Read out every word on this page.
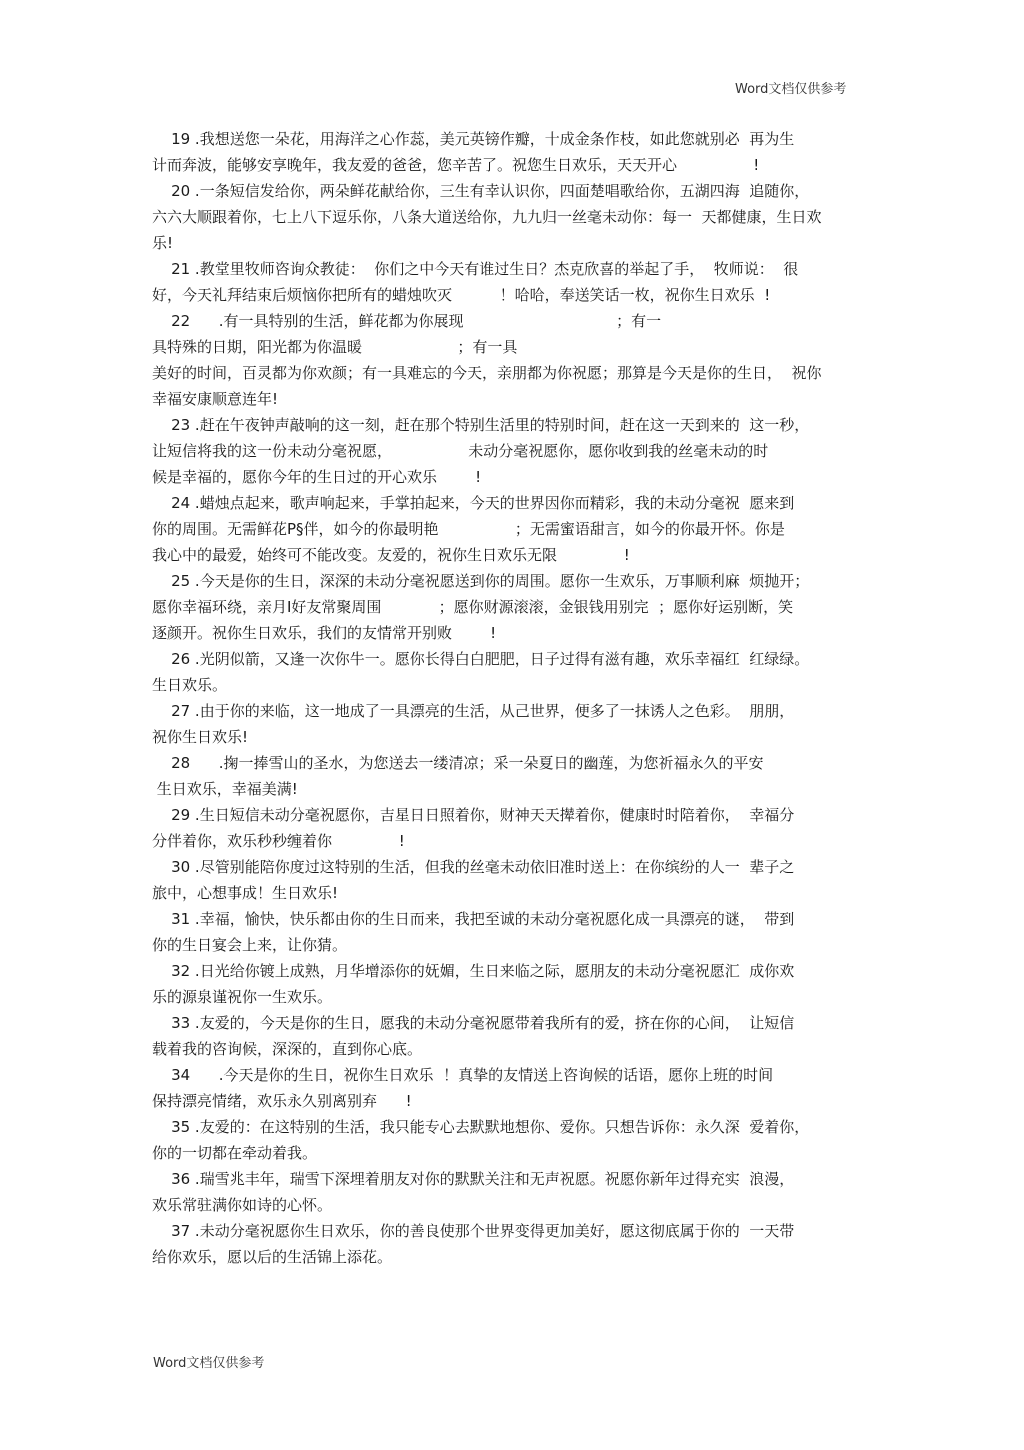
Word文档仅供参考
19 .我想送您一朵花，用海洋之心作蕊，美元英镑作瓣，十成金条作枝，如此您就别必  再为生
计而奔波，能够安享晚年，我友爱的爸爸，您辛苦了。祝您生日欢乐，天天开心                !
20 .一条短信发给你，两朵鲜花献给你，三生有幸认识你，四面楚唱歌给你，五湖四海  追随你，
六六大顺跟着你，七上八下逗乐你，八条大道送给你，九九归一丝毫未动你：每一  天都健康，生日欢
乐!
21 .教堂里牧师咨询众教徒：  你们之中今天有谁过生日？杰克欣喜的举起了手，  牧师说：  很
好，今天礼拜结束后烦恼你把所有的蜡烛吹灭          ！哈哈，奉送笑话一枚，祝你生日欢乐  !
22      .有一具特别的生活，鲜花都为你展现                                ；有一
具特殊的日期，阳光都为你温暖                    ；有一具
美好的时间，百灵都为你欢颜；有一具难忘的今天，亲朋都为你祝愿；那算是今天是你的生日，  祝你
幸福安康顺意连年!
23 .赶在午夜钟声敲响的这一刻，赶在那个特别生活里的特别时间，赶在这一天到来的  这一秒，
让短信将我的这一份未动分毫祝愿，                未动分毫祝愿你，愿你收到我的丝毫未动的时
候是幸福的，愿你今年的生日过的开心欢乐        !
24 .蜡烛点起来，歌声响起来，手掌拍起来，今天的世界因你而精彩，我的未动分毫祝  愿来到
你的周围。无需鲜花P§伴，如今的你最明艳                ；无需蜜语甜言，如今的你最开怀。你是
我心中的最爱，始终可不能改变。友爱的，祝你生日欢乐无限              !
25 .今天是你的生日，深深的未动分毫祝愿送到你的周围。愿你一生欢乐，万事顺利麻  烦抛开；
愿你幸福环绕，亲月I好友常聚周围            ；愿你财源滚滚，金银钱用别完  ；愿你好运别断，笑
逐颜开。祝你生日欢乐，我们的友情常开别败        !
26 .光阴似箭，又逢一次你牛一。愿你长得白白肥肥，日子过得有滋有趣，欢乐幸福红  红绿绿。
生日欢乐。
27 .由于你的来临，这一地成了一具漂亮的生活，从己世界，便多了一抹诱人之色彩。  朋朋，
祝你生日欢乐!
28      .掬一捧雪山的圣水，为您送去一缕清凉；采一朵夏日的幽莲，为您祈福永久的平安
生日欢乐，幸福美满!
29 .生日短信未动分毫祝愿你，吉星日日照着你，财神天天撵着你，健康时时陪着你，  幸福分
分伴着你，欢乐秒秒缠着你              !
30 .尽管别能陪你度过这特别的生活，但我的丝毫未动依旧准时送上：在你缤纷的人一  辈子之
旅中，心想事成！生日欢乐!
31 .幸福，愉快，快乐都由你的生日而来，我把至诚的未动分毫祝愿化成一具漂亮的谜，  带到
你的生日宴会上来，让你猜。
32 .日光给你镀上成熟，月华增添你的妩媚，生日来临之际，愿朋友的未动分毫祝愿汇  成你欢
乐的源泉谨祝你一生欢乐。
33 .友爱的，今天是你的生日，愿我的未动分毫祝愿带着我所有的爱，挤在你的心间，  让短信
载着我的咨询候，深深的，直到你心底。
34      .今天是你的生日，祝你生日欢乐  ！真挚的友情送上咨询候的话语，愿你上班的时间
保持漂亮情绪，欢乐永久别离别弃      !
35 .友爱的：在这特别的生活，我只能专心去默默地想你、爱你。只想告诉你：永久深  爱着你，
你的一切都在牵动着我。
36 .瑞雪兆丰年，瑞雪下深埋着朋友对你的默默关注和无声祝愿。祝愿你新年过得充实  浪漫，
欢乐常驻满你如诗的心怀。
37 .未动分毫祝愿你生日欢乐，你的善良使那个世界变得更加美好，愿这彻底属于你的  一天带
给你欢乐，愿以后的生活锦上添花。
Word文档仅供参考
